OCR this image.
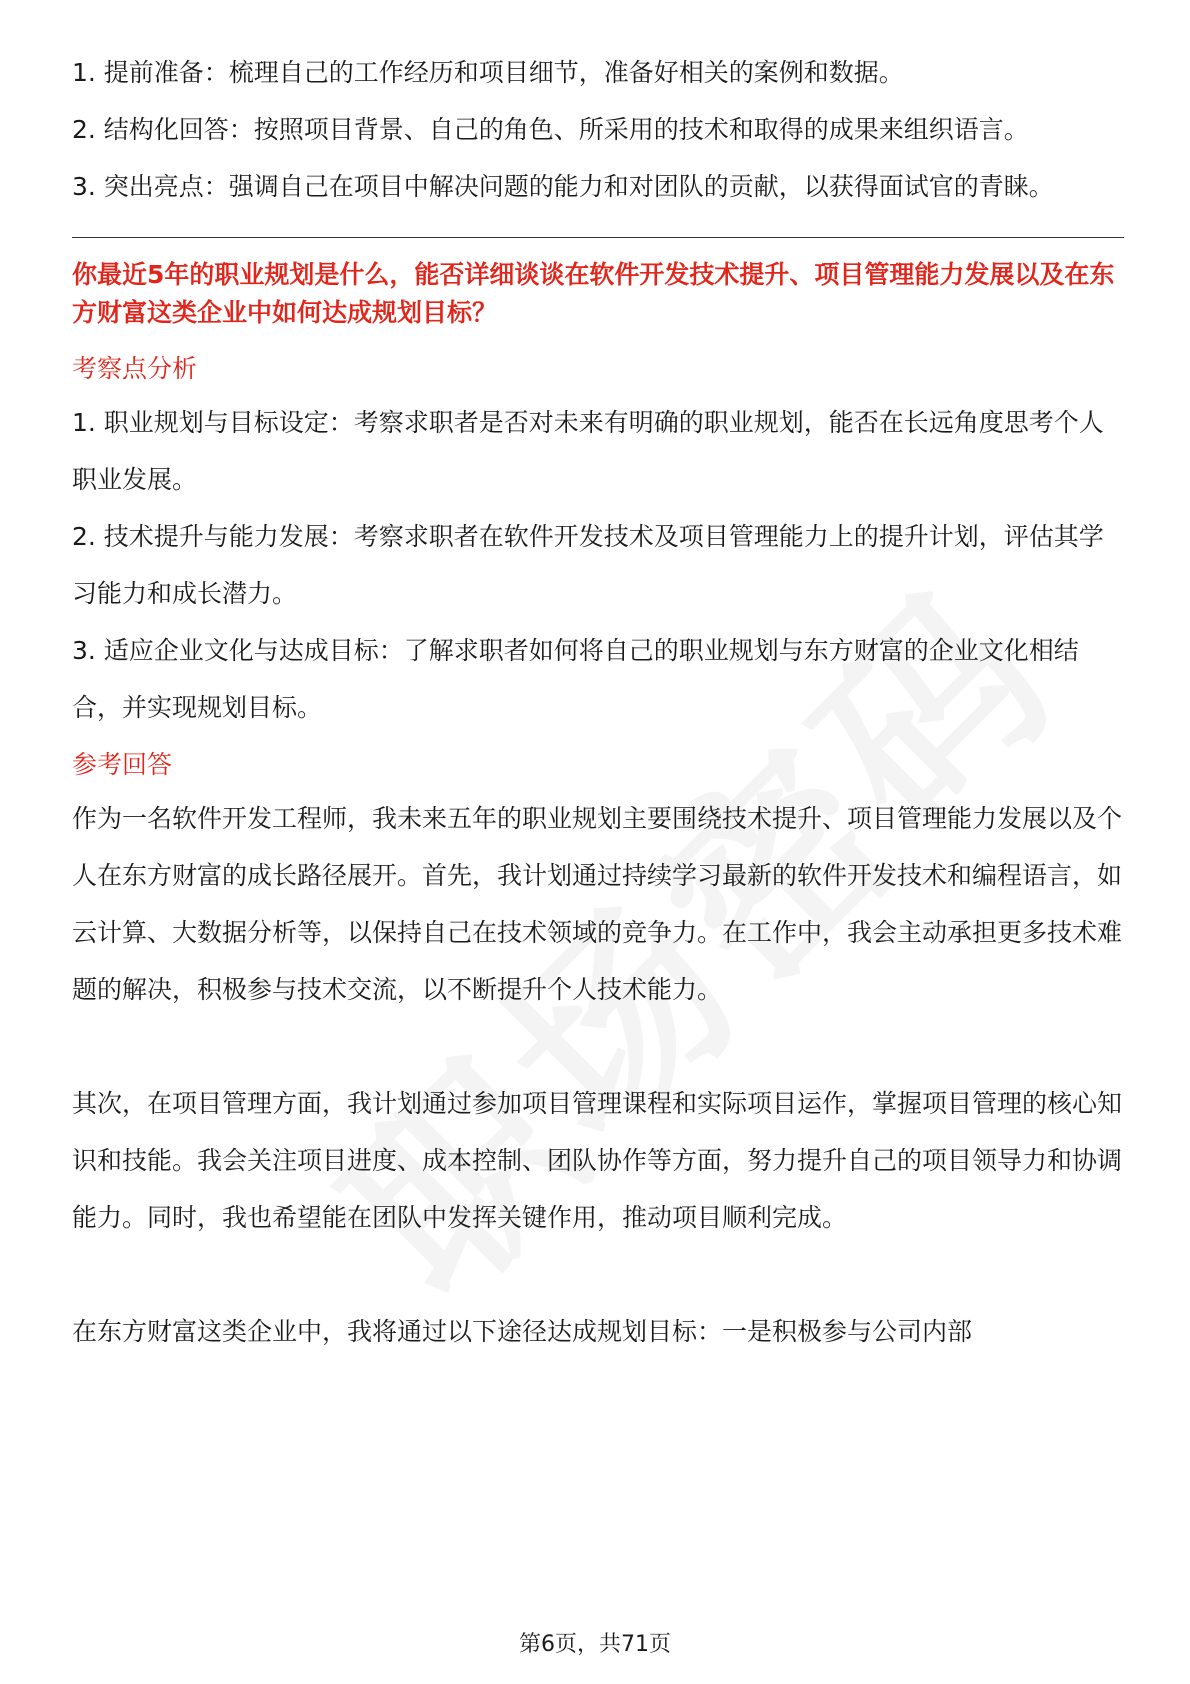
1. 提前准备：梳理自己的工作经历和项目细节，准备好相关的案例和数据。

2. 结构化回答：按照项目背景、自己的角色、所采用的技术和取得的成果来组织语言。

3. 突出亮点：强调自己在项目中解决问题的能力和对团队的贡献，以获得面试官的青睐。

你最近5年的职业规划是什么，能否详细谈谈在软件开发技术提升、项目管理能力发展以及在东方财富这类企业中如何达成规划目标？

考察点分析

1. 职业规划与目标设定：考察求职者是否对未来有明确的职业规划，能否在长远角度思考个人职业发展。

2. 技术提升与能力发展：考察求职者在软件开发技术及项目管理能力上的提升计划，评估其学习能力和成长潜力。

3. 适应企业文化与达成目标：了解求职者如何将自己的职业规划与东方财富的企业文化相结合，并实现规划目标。

参考回答

作为一名软件开发工程师，我未来五年的职业规划主要围绕技术提升、项目管理能力发展以及个人在东方财富的成长路径展开。首先，我计划通过持续学习最新的软件开发技术和编程语言，如云计算、大数据分析等，以保持自己在技术领域的竞争力。在工作中，我会主动承担更多技术难题的解决，积极参与技术交流，以不断提升个人技术能力。

其次，在项目管理方面，我计划通过参加项目管理课程和实际项目运作，掌握项目管理的核心知识和技能。我会关注项目进度、成本控制、团队协作等方面，努力提升自己的项目领导力和协调能力。同时，我也希望能在团队中发挥关键作用，推动项目顺利完成。

在东方财富这类企业中，我将通过以下途径达成规划目标：一是积极参与公司内部

第6页，共71页
